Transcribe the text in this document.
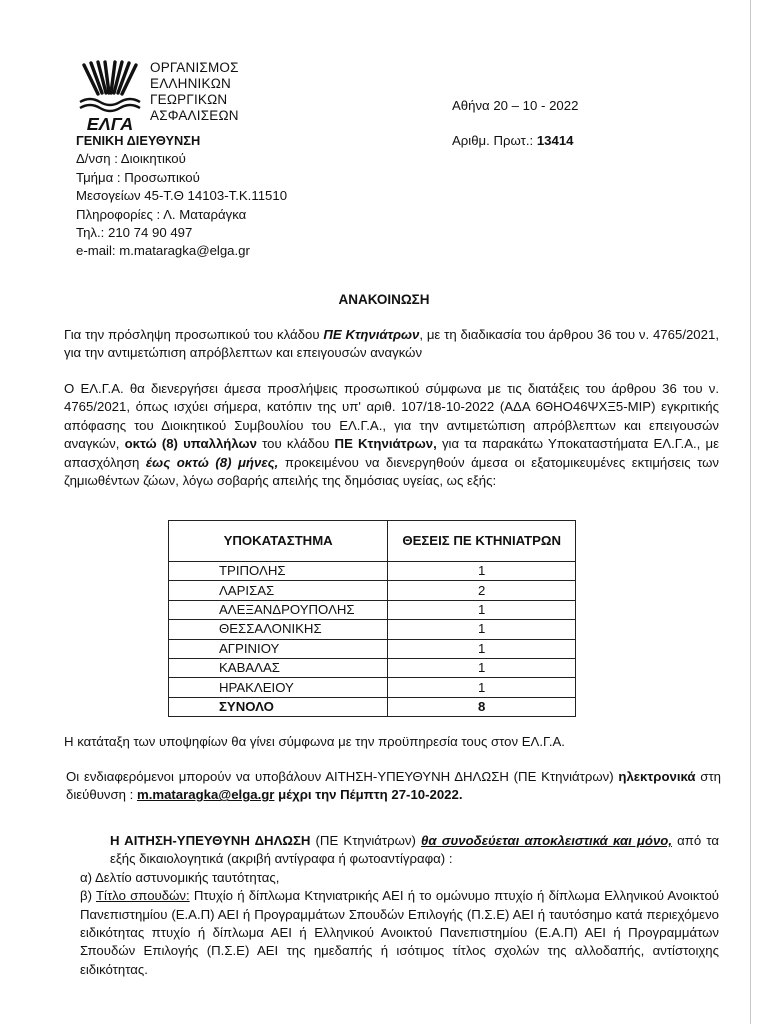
ΕΛΓΑ
ΟΡΓΑΝΙΣΜΟΣ
ΕΛΛΗΝΙΚΩΝ
ΓΕΩΡΓΙΚΩΝ
ΑΣΦΑΛΙΣΕΩΝ
ΓΕΝΙΚΗ ΔΙΕΥΘΥΝΣΗ
Δ/νση : Διοικητικού
Τμήμα : Προσωπικού
Μεσογείων 45-Τ.Θ 14103-Τ.Κ.11510
Πληροφορίες : Λ. Ματαράγκα
Τηλ.: 210 74 90 497
e-mail: m.mataragka@elga.gr
Αθήνα 20 – 10 - 2022
Αριθμ. Πρωτ.: 13414
ΑΝΑΚΟΙΝΩΣΗ
Για την πρόσληψη προσωπικού του κλάδου ΠΕ Κτηνιάτρων, με τη διαδικασία του άρθρου 36 του ν. 4765/2021, για την αντιμετώπιση απρόβλεπτων και επειγουσών αναγκών
Ο ΕΛ.Γ.Α. θα διενεργήσει άμεσα προσλήψεις προσωπικού σύμφωνα με τις διατάξεις του άρθρου 36 του ν. 4765/2021, όπως ισχύει σήμερα, κατόπιν της υπ' αριθ. 107/18-10-2022 (ΑΔΑ 6ΘΗΟ46ΨΧΞ5-ΜΙΡ) εγκριτικής απόφασης του Διοικητικού Συμβουλίου του ΕΛ.Γ.Α., για την αντιμετώπιση απρόβλεπτων και επειγουσών αναγκών, οκτώ (8) υπαλλήλων του κλάδου ΠΕ Κτηνιάτρων, για τα παρακάτω Υποκαταστήματα ΕΛ.Γ.Α., με απασχόληση έως οκτώ (8) μήνες, προκειμένου να διενεργηθούν άμεσα οι εξατομικευμένες εκτιμήσεις των ζημιωθέντων ζώων, λόγω σοβαρής απειλής της δημόσιας υγείας, ως εξής:
ΥΠΟΚΑΤΑΣΤΗΜΑ	ΘΕΣΕΙΣ ΠΕ ΚΤΗΝΙΑΤΡΩΝ
ΤΡΙΠΟΛΗΣ	1
ΛΑΡΙΣΑΣ	2
ΑΛΕΞΑΝΔΡΟΥΠΟΛΗΣ	1
ΘΕΣΣΑΛΟΝΙΚΗΣ	1
ΑΓΡΙΝΙΟΥ	1
ΚΑΒΑΛΑΣ	1
ΗΡΑΚΛΕΙΟΥ	1
ΣΥΝΟΛΟ	8
Η κατάταξη των υποψηφίων θα γίνει σύμφωνα με την προϋπηρεσία τους στον ΕΛ.Γ.Α.
Οι ενδιαφερόμενοι μπορούν να υποβάλουν ΑΙΤΗΣΗ-ΥΠΕΥΘΥΝΗ ΔΗΛΩΣΗ (ΠΕ Κτηνιάτρων) ηλεκτρονικά στη διεύθυνση : m.mataragka@elga.gr μέχρι την Πέμπτη 27-10-2022.
Η ΑΙΤΗΣΗ-ΥΠΕΥΘΥΝΗ ΔΗΛΩΣΗ (ΠΕ Κτηνιάτρων) θα συνοδεύεται αποκλειστικά και μόνο, από τα εξής δικαιολογητικά (ακριβή αντίγραφα ή φωτοαντίγραφα) :
α) Δελτίο αστυνομικής ταυτότητας,
β) Τίτλο σπουδών: Πτυχίο ή δίπλωμα Κτηνιατρικής ΑΕΙ ή το ομώνυμο πτυχίο ή δίπλωμα Ελληνικού Ανοικτού Πανεπιστημίου (Ε.Α.Π) ΑΕΙ ή Προγραμμάτων Σπουδών Επιλογής (Π.Σ.Ε) ΑΕΙ ή ταυτόσημο κατά περιεχόμενο ειδικότητας πτυχίο ή δίπλωμα ΑΕΙ ή Ελληνικού Ανοικτού Πανεπιστημίου (Ε.Α.Π) ΑΕΙ ή Προγραμμάτων Σπουδών Επιλογής (Π.Σ.Ε) ΑΕΙ της ημεδαπής ή ισότιμος τίτλος σχολών της αλλοδαπής, αντίστοιχης ειδικότητας.
